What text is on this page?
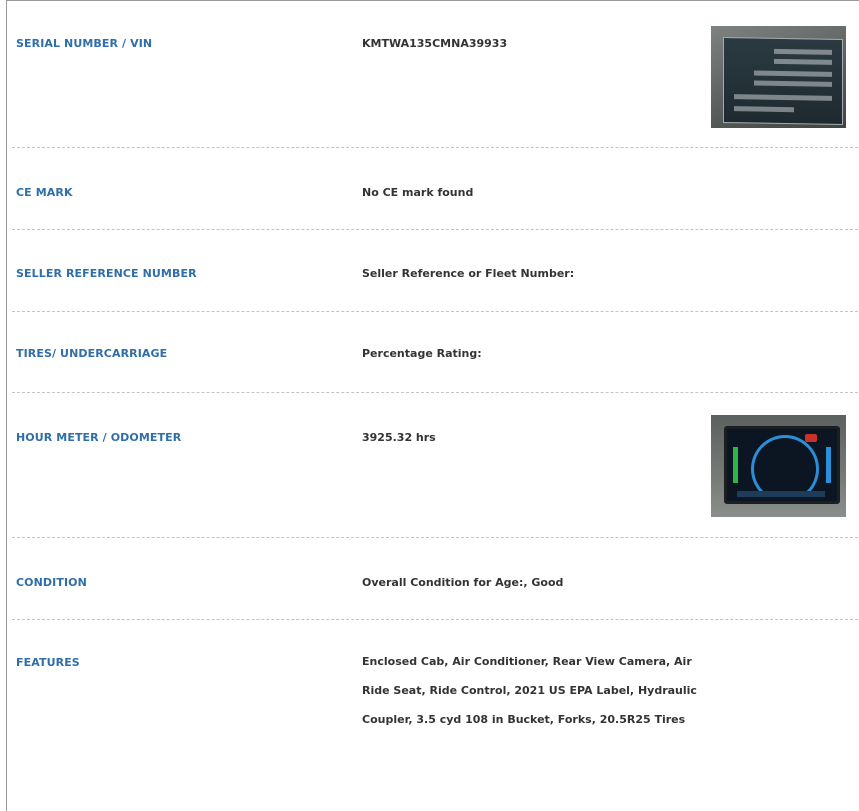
SERIAL NUMBER / VIN	KMTWA135CMNA39933
CE MARK	No CE mark found
SELLER REFERENCE NUMBER	Seller Reference or Fleet Number:
TIRES/ UNDERCARRIAGE	Percentage Rating:
HOUR METER / ODOMETER	3925.32 hrs
CONDITION	Overall Condition for Age:, Good
FEATURES	Enclosed Cab, Air Conditioner, Rear View Camera, Air Ride Seat, Ride Control, 2021 US EPA Label, Hydraulic Coupler, 3.5 cyd 108 in Bucket, Forks, 20.5R25 Tires
